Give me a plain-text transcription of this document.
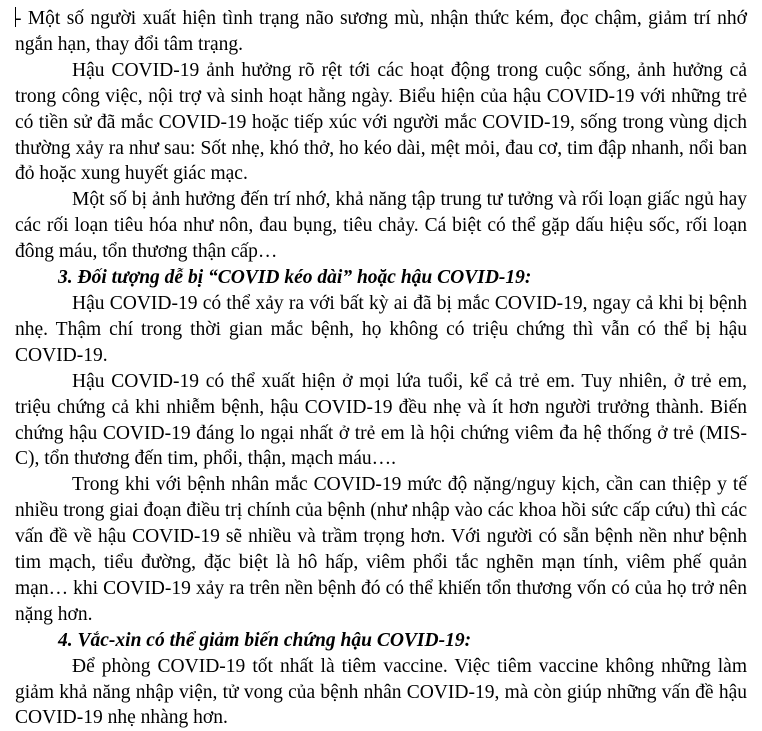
- Một số người xuất hiện tình trạng não sương mù, nhận thức kém, đọc chậm, giảm trí nhớ ngắn hạn, thay đổi tâm trạng.

Hậu COVID-19 ảnh hưởng rõ rệt tới các hoạt động trong cuộc sống, ảnh hưởng cả trong công việc, nội trợ và sinh hoạt hằng ngày. Biểu hiện của hậu COVID-19 với những trẻ có tiền sử đã mắc COVID-19 hoặc tiếp xúc với người mắc COVID-19, sống trong vùng dịch thường xảy ra như sau: Sốt nhẹ, khó thở, ho kéo dài, mệt mỏi, đau cơ, tim đập nhanh, nổi ban đỏ hoặc xung huyết giác mạc.

Một số bị ảnh hưởng đến trí nhớ, khả năng tập trung tư tưởng và rối loạn giấc ngủ hay các rối loạn tiêu hóa như nôn, đau bụng, tiêu chảy. Cá biệt có thể gặp dấu hiệu sốc, rối loạn đông máu, tổn thương thận cấp…

3. Đối tượng dễ bị “COVID kéo dài” hoặc hậu COVID-19:

Hậu COVID-19 có thể xảy ra với bất kỳ ai đã bị mắc COVID-19, ngay cả khi bị bệnh nhẹ. Thậm chí trong thời gian mắc bệnh, họ không có triệu chứng thì vẫn có thể bị hậu COVID-19.

Hậu COVID-19 có thể xuất hiện ở mọi lứa tuổi, kể cả trẻ em. Tuy nhiên, ở trẻ em, triệu chứng cả khi nhiễm bệnh, hậu COVID-19 đều nhẹ và ít hơn người trưởng thành. Biến chứng hậu COVID-19 đáng lo ngại nhất ở trẻ em là hội chứng viêm đa hệ thống ở trẻ (MIS-C), tổn thương đến tim, phổi, thận, mạch máu….

Trong khi với bệnh nhân mắc COVID-19 mức độ nặng/nguy kịch, cần can thiệp y tế nhiều trong giai đoạn điều trị chính của bệnh (như nhập vào các khoa hồi sức cấp cứu) thì các vấn đề về hậu COVID-19 sẽ nhiều và trầm trọng hơn. Với người có sẵn bệnh nền như bệnh tim mạch, tiểu đường, đặc biệt là hô hấp, viêm phổi tắc nghẽn mạn tính, viêm phế quản mạn… khi COVID-19 xảy ra trên nền bệnh đó có thể khiến tổn thương vốn có của họ trở nên nặng hơn.

4. Vắc-xin có thể giảm biến chứng hậu COVID-19:

Để phòng COVID-19 tốt nhất là tiêm vaccine. Việc tiêm vaccine không những làm giảm khả năng nhập viện, tử vong của bệnh nhân COVID-19, mà còn giúp những vấn đề hậu COVID-19 nhẹ nhàng hơn.
